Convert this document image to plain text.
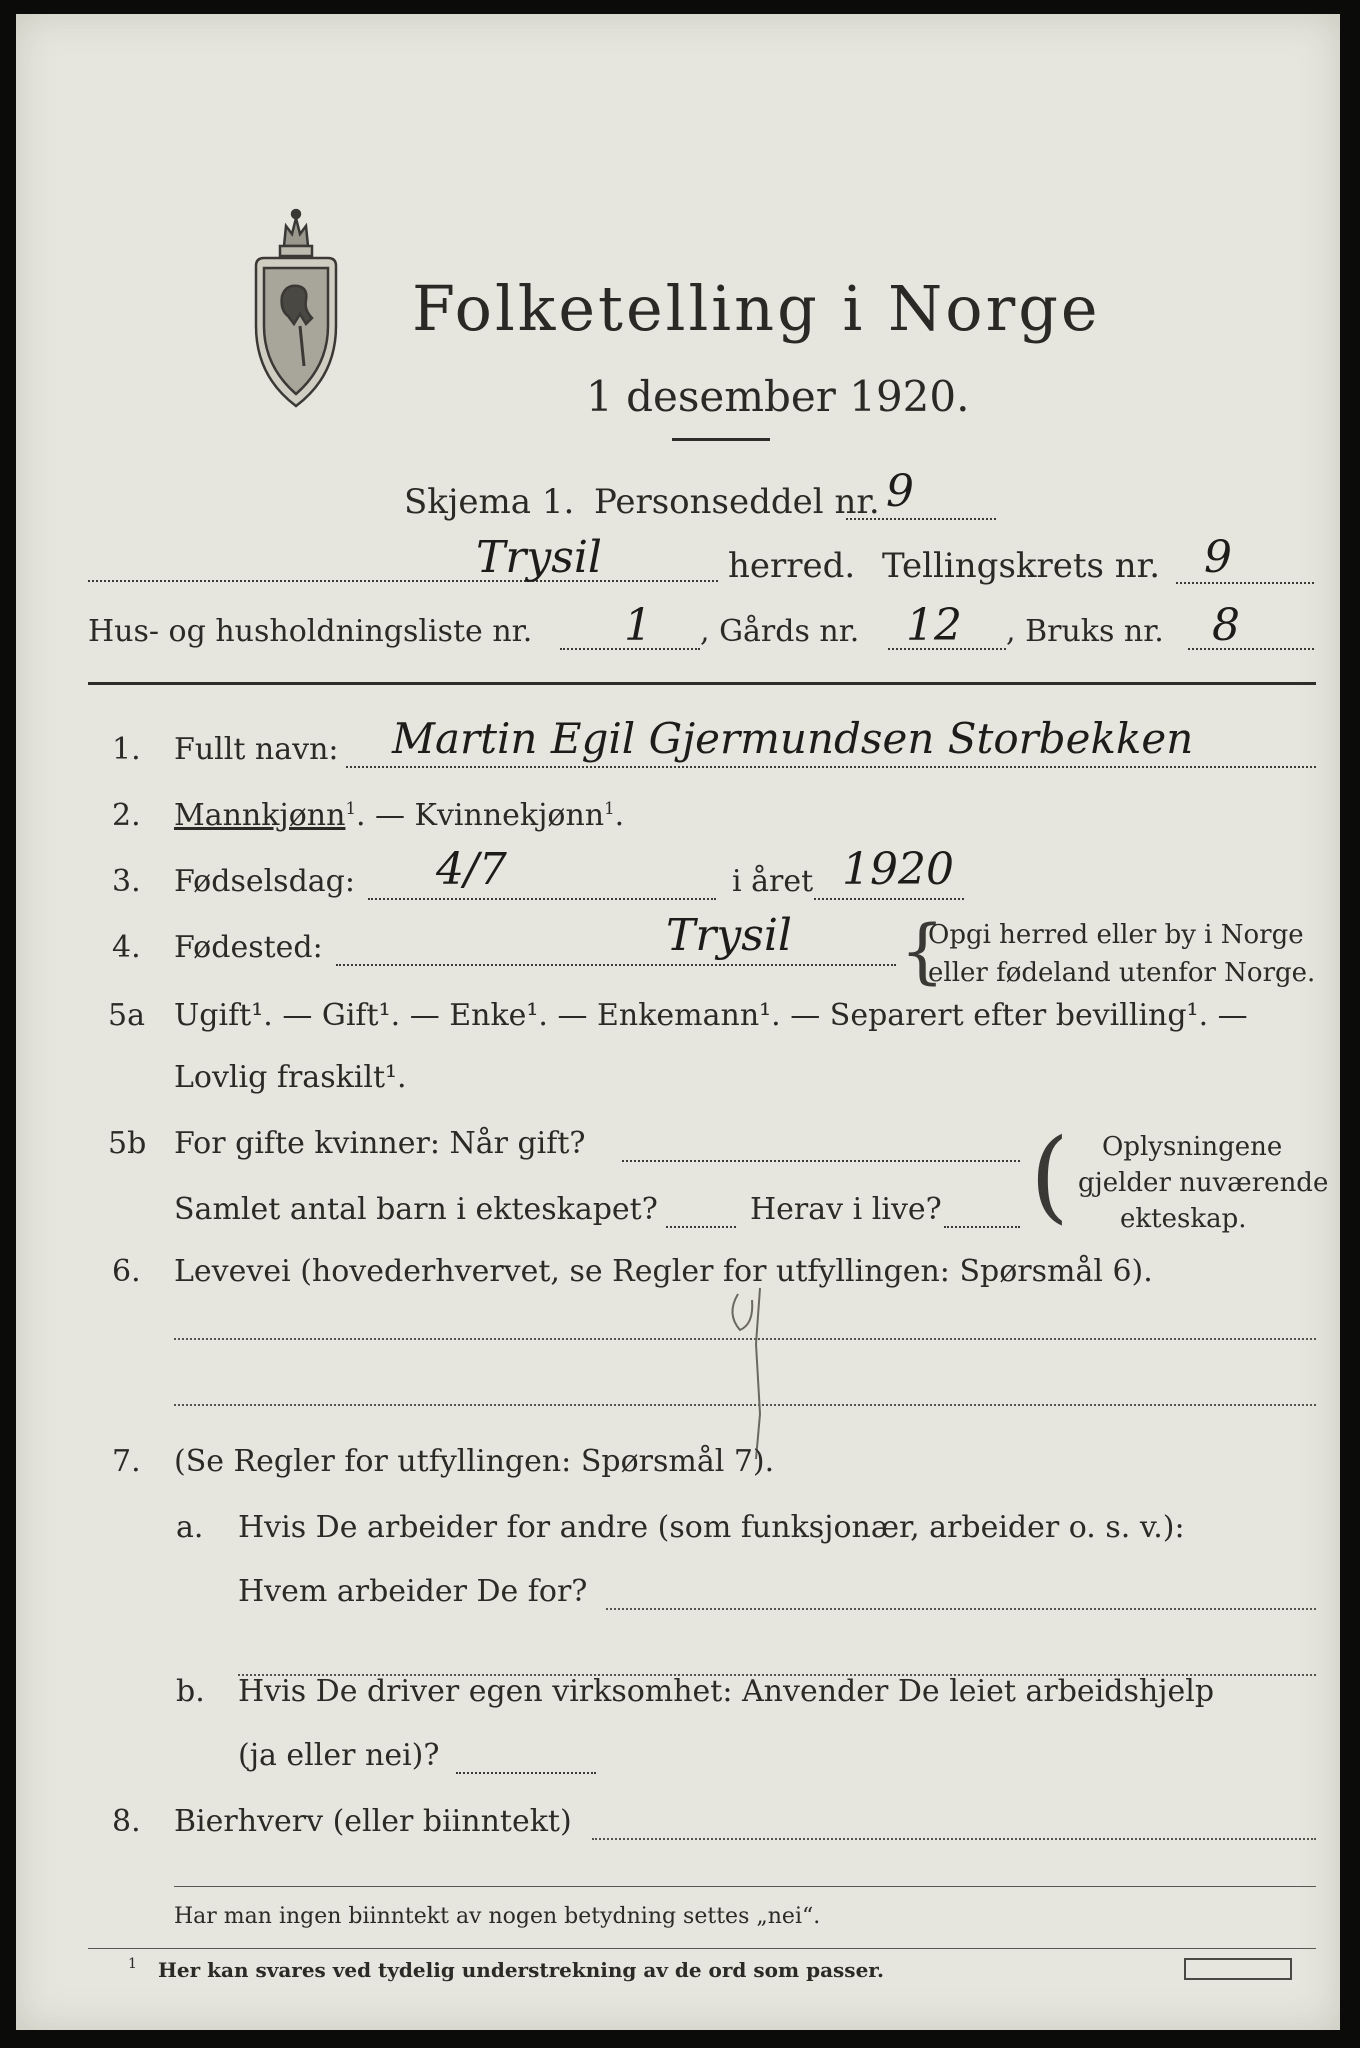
Folketelling i Norge
1 desember 1920.
Skjema 1. Personseddel nr. 9
Trysil	herred. Tellingskrets nr. 9
Hus- og husholdningsliste nr. 1 , Gårds nr. 12 , Bruks nr. 8
1. Fullt navn: Martin Egil Gjermundsen Storbekken
2. Mannkjønn$^1$. — Kvinnekjønn$^1$.
3. Fødselsdag: 4/7	i året 1920
4. Fødested:	Trysil {
Opgi herred eller by i Norge
eller fødeland utenfor Norge.
5a Ugift¹. — Gift¹. — Enke¹. — Enkemann¹. — Separert efter bevilling¹. —
Lovlig fraskilt¹.
5b For gifte kvinner: Når gift?
Samlet antal barn i ekteskapet?	Herav i live? ( Oplysningene
gjelder nuværende
ekteskap.
6. Levevei (hovederhvervet, se Regler for utfyllingen: Spørsmål 6).
7. (Se Regler for utfyllingen: Spørsmål 7).
a. Hvis De arbeider for andre (som funksjonær, arbeider o. s. v.):
Hvem arbeider De for?
b. Hvis De driver egen virksomhet: Anvender De leiet arbeidshjelp
(ja eller nei)?
8. Bierhverv (eller biinntekt)
Har man ingen biinntekt av nogen betydning settes „nei“.
1 Her kan svares ved tydelig understrekning av de ord som passer.
